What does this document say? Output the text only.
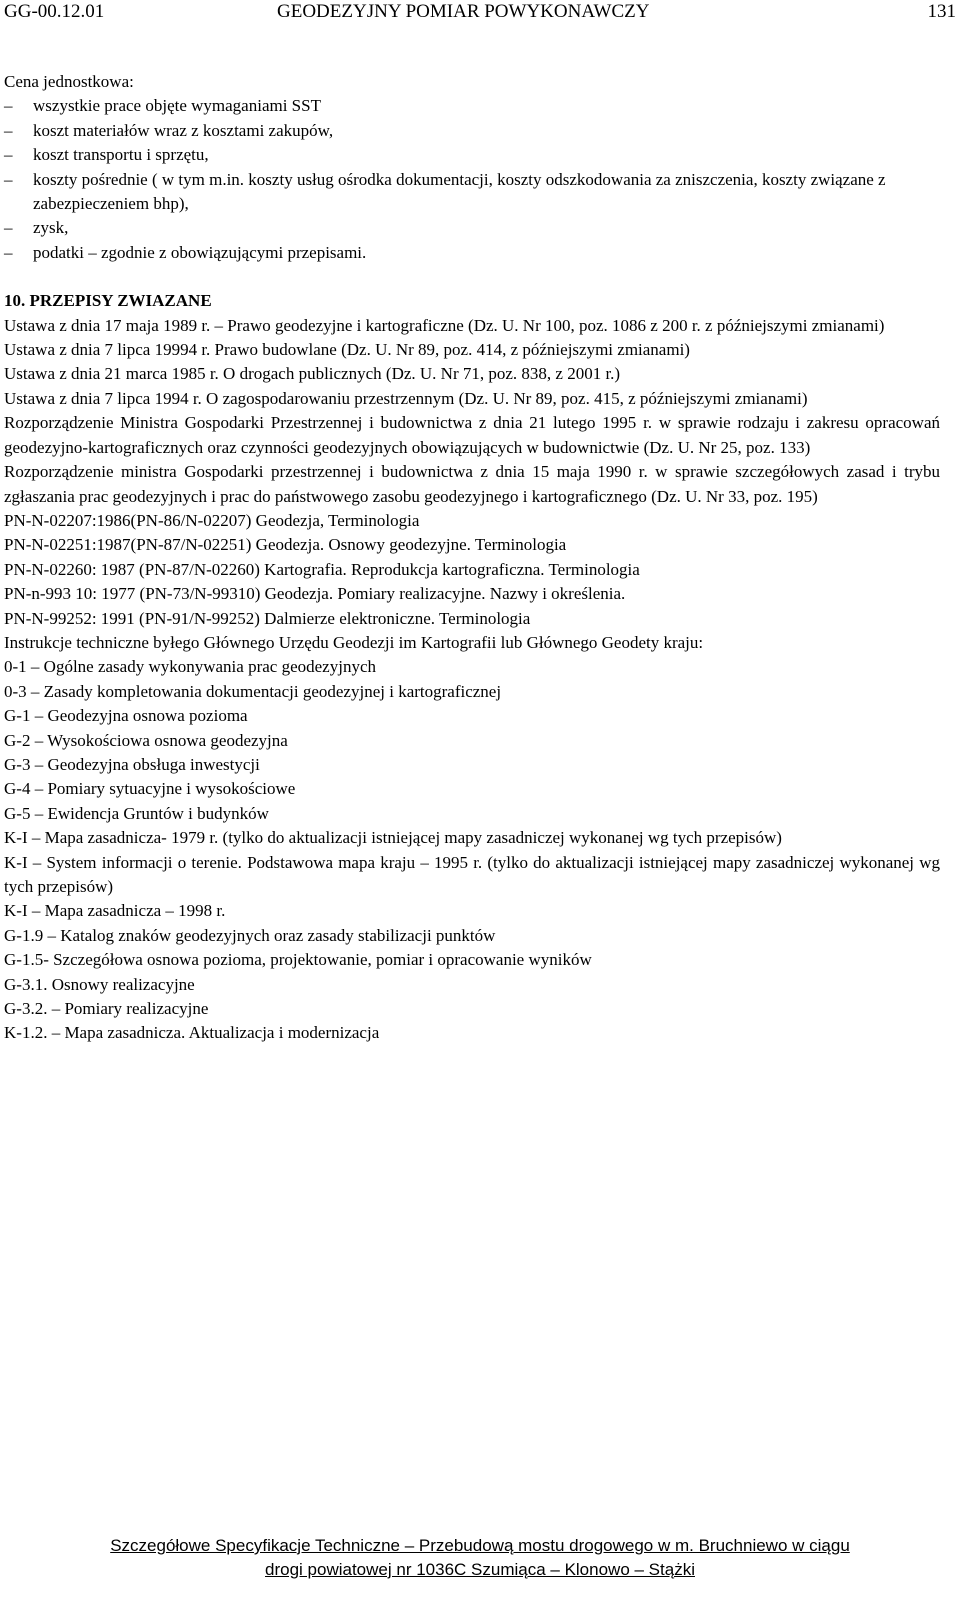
GG-00.12.01	GEODEZYJNY POMIAR POWYKONAWCZY	131

Cena jednostkowa:

– wszystkie prace objęte wymaganiami SST
– koszt materiałów wraz z kosztami zakupów,
– koszt transportu i sprzętu,
– koszty pośrednie ( w tym m.in. koszty usług ośrodka dokumentacji, koszty odszkodowania za zniszczenia, koszty związane z zabezpieczeniem bhp),
– zysk,
– podatki – zgodnie z obowiązującymi przepisami.

10. PRZEPISY ZWIAZANE

Ustawa z dnia 17 maja 1989 r. – Prawo geodezyjne i kartograficzne (Dz. U. Nr 100, poz. 1086 z 200 r. z późniejszymi zmianami)
Ustawa z dnia 7 lipca 19994 r. Prawo budowlane (Dz. U. Nr 89, poz. 414, z późniejszymi zmianami)
Ustawa z dnia 21 marca 1985 r. O drogach publicznych (Dz. U. Nr 71, poz. 838, z 2001 r.)
Ustawa z dnia 7 lipca 1994 r. O zagospodarowaniu przestrzennym (Dz. U. Nr 89, poz. 415, z późniejszymi zmianami)
Rozporządzenie Ministra Gospodarki Przestrzennej i budownictwa z dnia 21 lutego 1995 r. w sprawie rodzaju i zakresu opracowań geodezyjno-kartograficznych oraz czynności geodezyjnych obowiązujących w budownictwie (Dz. U. Nr 25, poz. 133)
Rozporządzenie ministra Gospodarki przestrzennej i budownictwa z dnia 15 maja 1990 r. w sprawie szczegółowych zasad i trybu zgłaszania prac geodezyjnych i prac do państwowego zasobu geodezyjnego i kartograficznego (Dz. U. Nr 33, poz. 195)
PN-N-02207:1986(PN-86/N-02207) Geodezja, Terminologia
PN-N-02251:1987(PN-87/N-02251) Geodezja. Osnowy geodezyjne. Terminologia
PN-N-02260: 1987 (PN-87/N-02260) Kartografia. Reprodukcja kartograficzna. Terminologia
PN-n-993 10: 1977 (PN-73/N-99310) Geodezja. Pomiary realizacyjne. Nazwy i określenia.
PN-N-99252: 1991 (PN-91/N-99252) Dalmierze elektroniczne. Terminologia
Instrukcje techniczne byłego Głównego Urzędu Geodezji im Kartografii lub Głównego Geodety kraju:
0-1 – Ogólne zasady wykonywania prac geodezyjnych
0-3 – Zasady kompletowania dokumentacji geodezyjnej i kartograficznej
G-1 – Geodezyjna osnowa pozioma
G-2 – Wysokościowa osnowa geodezyjna
G-3 – Geodezyjna obsługa inwestycji
G-4 – Pomiary sytuacyjne i wysokościowe
G-5 – Ewidencja Gruntów i budynków
K-I – Mapa zasadnicza- 1979 r. (tylko do aktualizacji istniejącej mapy zasadniczej wykonanej wg tych przepisów)
K-I – System informacji o terenie. Podstawowa mapa kraju – 1995 r. (tylko do aktualizacji istniejącej mapy zasadniczej wykonanej wg tych przepisów)
K-I – Mapa zasadnicza – 1998 r.
G-1.9 – Katalog znaków geodezyjnych oraz zasady stabilizacji punktów
G-1.5- Szczegółowa osnowa pozioma, projektowanie, pomiar i opracowanie wyników
G-3.1. Osnowy realizacyjne
G-3.2. – Pomiary realizacyjne
K-1.2. – Mapa zasadnicza. Aktualizacja i modernizacja
Szczegółowe Specyfikacje Techniczne – Przebudową mostu drogowego w m. Bruchniewo w ciągu
drogi powiatowej nr 1036C Szumiąca – Klonowo – Stążki
